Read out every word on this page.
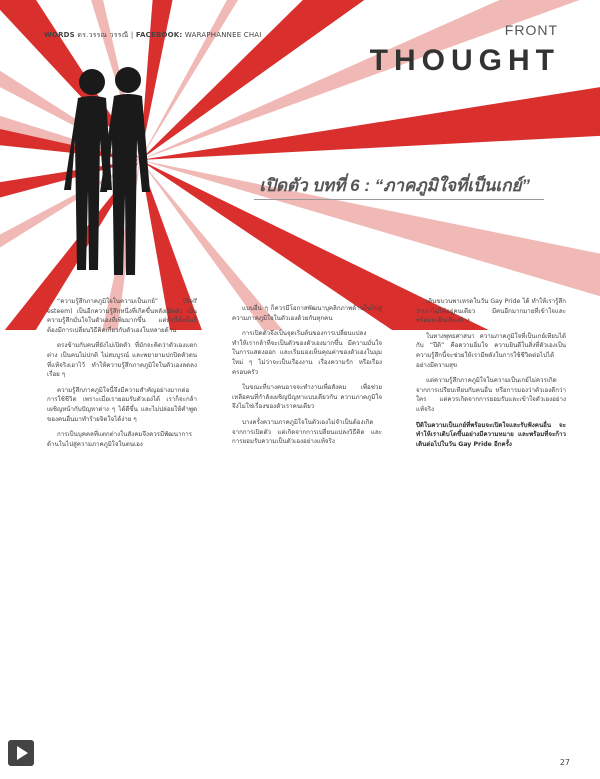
WORDS ดร.วรรณ วรรณี | FACEBOOK: WARAPHANNEE CHAI	FRONT
THOUGHT
เปิดตัว บทที่ 6 : “ภาคภูมิใจที่เป็นเกย์”

“ความรู้สึกภาคภูมิใจในความเป็นเกย์” (Self esteem) เป็นอีกความรู้สึกหนึ่งที่เกิดขึ้นหลังเปิดตัว เป็นความรู้สึกมั่นใจในตัวเองที่เพิ่มมากขึ้น แต่ทั้งนี้ทั้งนั้นก็ต้องมีการเปลี่ยนวิธีคิดเกี่ยวกับตัวเองในหลายด้าน

ตรงข้ามกับคนที่ยังไม่เปิดตัว ที่มักจะคิดว่าตัวเองแตกต่าง เป็นคนไม่ปกติ ไม่สมบูรณ์ และพยายามปกปิดตัวตนที่แท้จริงเอาไว้ ทำให้ความรู้สึกภาคภูมิใจในตัวเองลดลงเรื่อย ๆ

ความรู้สึกภาคภูมิใจนี้จึงมีความสำคัญอย่างมากต่อการใช้ชีวิต เพราะเมื่อเรายอมรับตัวเองได้ เราก็จะกล้าเผชิญหน้ากับปัญหาต่าง ๆ ได้ดีขึ้น และไม่ปล่อยให้คำพูดของคนอื่นมาทำร้ายจิตใจได้ง่าย ๆ

การเป็นบุคคลที่แตกต่างในสังคมจึงควรมีพัฒนาการด้านในไปสู่ความภาคภูมิใจในตนเอง

แบบอื่น ๆ ก็ควรมีโอกาสพัฒนาบุคลิกภาพด้านในไปสู่ความภาคภูมิใจในตัวเองด้วยกันทุกคน

การเปิดตัวจึงเป็นจุดเริ่มต้นของการเปลี่ยนแปลง ทำให้เรากล้าที่จะเป็นตัวของตัวเองมากขึ้น มีความมั่นใจในการแสดงออก และเริ่มมองเห็นคุณค่าของตัวเองในมุมใหม่ ๆ ไม่ว่าจะเป็นเรื่องงาน เรื่องความรัก หรือเรื่องครอบครัว

ในขณะที่บางคนอาจจะทำงานเพื่อสังคม เพื่อช่วยเหลือคนที่กำลังเผชิญปัญหาแบบเดียวกัน ความภาคภูมิใจจึงไม่ใช่เรื่องของตัวเราคนเดียว

บางครั้งความภาคภูมิใจในตัวเองไม่จำเป็นต้องเกิดจากการเปิดตัว แต่เกิดจากการเปลี่ยนแปลงวิธีคิด และการยอมรับความเป็นตัวเองอย่างแท้จริง

เดินขบวนพาเหรดในวัน Gay Pride ได้ ทำให้เรารู้สึกว่าเราไม่ได้อยู่คนเดียว มีคนอีกมากมายที่เข้าใจและพร้อมจะยืนเคียงข้าง

ในทางพุทธศาสนา ความภาคภูมิใจที่เป็นเกย์เทียบได้กับ “ปีติ” คือความอิ่มใจ ความยินดีในสิ่งที่ตัวเองเป็น ความรู้สึกนี้จะช่วยให้เรามีพลังในการใช้ชีวิตต่อไปได้อย่างมีความสุข

แต่ความรู้สึกภาคภูมิใจในความเป็นเกย์ไม่ควรเกิดจากการเปรียบเทียบกับคนอื่น หรือการมองว่าตัวเองดีกว่าใคร แต่ควรเกิดจากการยอมรับและเข้าใจตัวเองอย่างแท้จริง

ปีติในความเป็นเกย์ที่พร้อมจะเปิดใจและรับฟังคนอื่น จะทำให้เราเติบโตขึ้นอย่างมีความหมาย และพร้อมที่จะก้าวเดินต่อไปในวัน Gay Pride อีกครั้ง

27
